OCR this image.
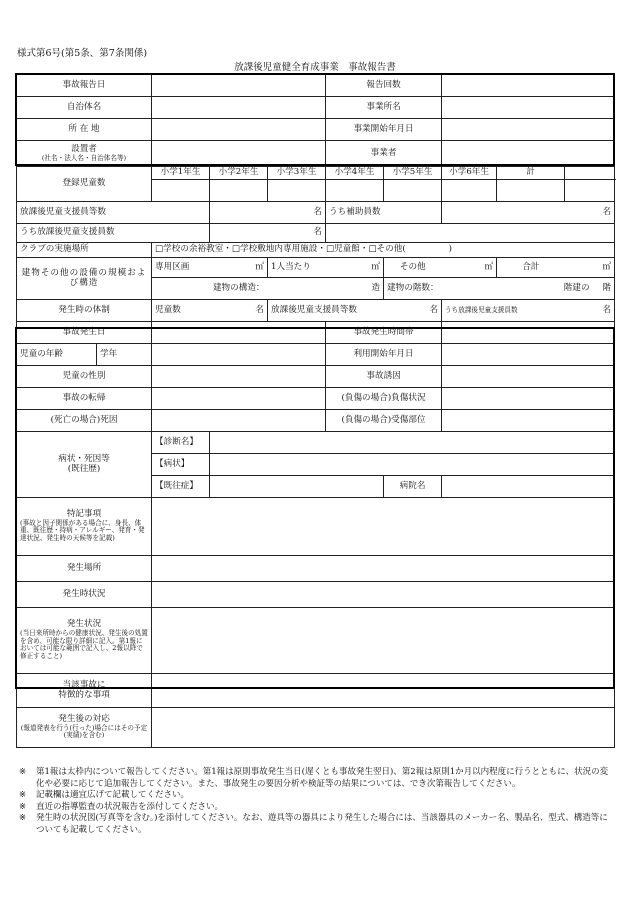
様式第6号(第5条、第7条関係)
放課後児童健全育成事業　事故報告書
事故報告日					報告回数					
自治体名					事業所名					
所 在 地					事業開始年月日					

設置者
(社名・法人名・自治体名等)					事業者					
登録児童数		小学1年生	小学2年生	小学3年生	小学4年生	小学5年生	小学6年生	計		

放課後児童支援員等数			名		うち補助員数		名			
うち放課後児童支援員数			名							
クラブの実施場所		□学校の余裕教室・□学校敷地内専用施設・□児童館・□その他(　　　　　)								
建物その他の設備の規模および構造		専用区画	㎡	1人当たり	㎡	その他	㎡	合計	㎡	
		建物の構造：		造		建物の階数：		階建の		階
発生時の体制		児童数	名	放課後児童支援員等数		名	うち放課後児童支援員数			名
事故発生日					事故発生時間帯					
児童の年齢	学年				利用開始年月日					
児童の性別					事故誘因					
事故の転帰					(負傷の場合)負傷状況					
(死亡の場合)死因					(負傷の場合)受傷部位					
病状・死因等
(既往歴)		【診断名】								
		【病状】								
		【既往症】				病院名				

特記事項
(事故と因子関係がある場合に、身長、体重、既往歴・持病・アレルギー、発育・発達状況、発生時の天候等を記載)										

発生場所										
発生時状況										

発生状況
(当日来所時からの健康状況、発生後の処置を含め、可能な限り詳細に記入。第1報においては可能な範囲で記入し、2報以降で修正すること)										

当該事故に
特徴的な事項										

発生後の対応
(報道発表を行う(行った)場合にはその予定(実績)を含む)										

※ 第1報は太枠内について報告してください。第1報は原則事故発生当日(遅くとも事故発生翌日)、第2報は原則1か月以内程度に行うとともに、状況の変化や必要に応じて追加報告してください。また、事故発生の要因分析や検証等の結果については、でき次第報告してください。
※ 記載欄は適宜広げて記載してください。
※ 直近の指導監査の状況報告を添付してください。
※ 発生時の状況図(写真等を含む。)を添付してください。なお、遊具等の器具により発生した場合には、当該器具のメーカー名、製品名、型式、構造等についても記載してください。
